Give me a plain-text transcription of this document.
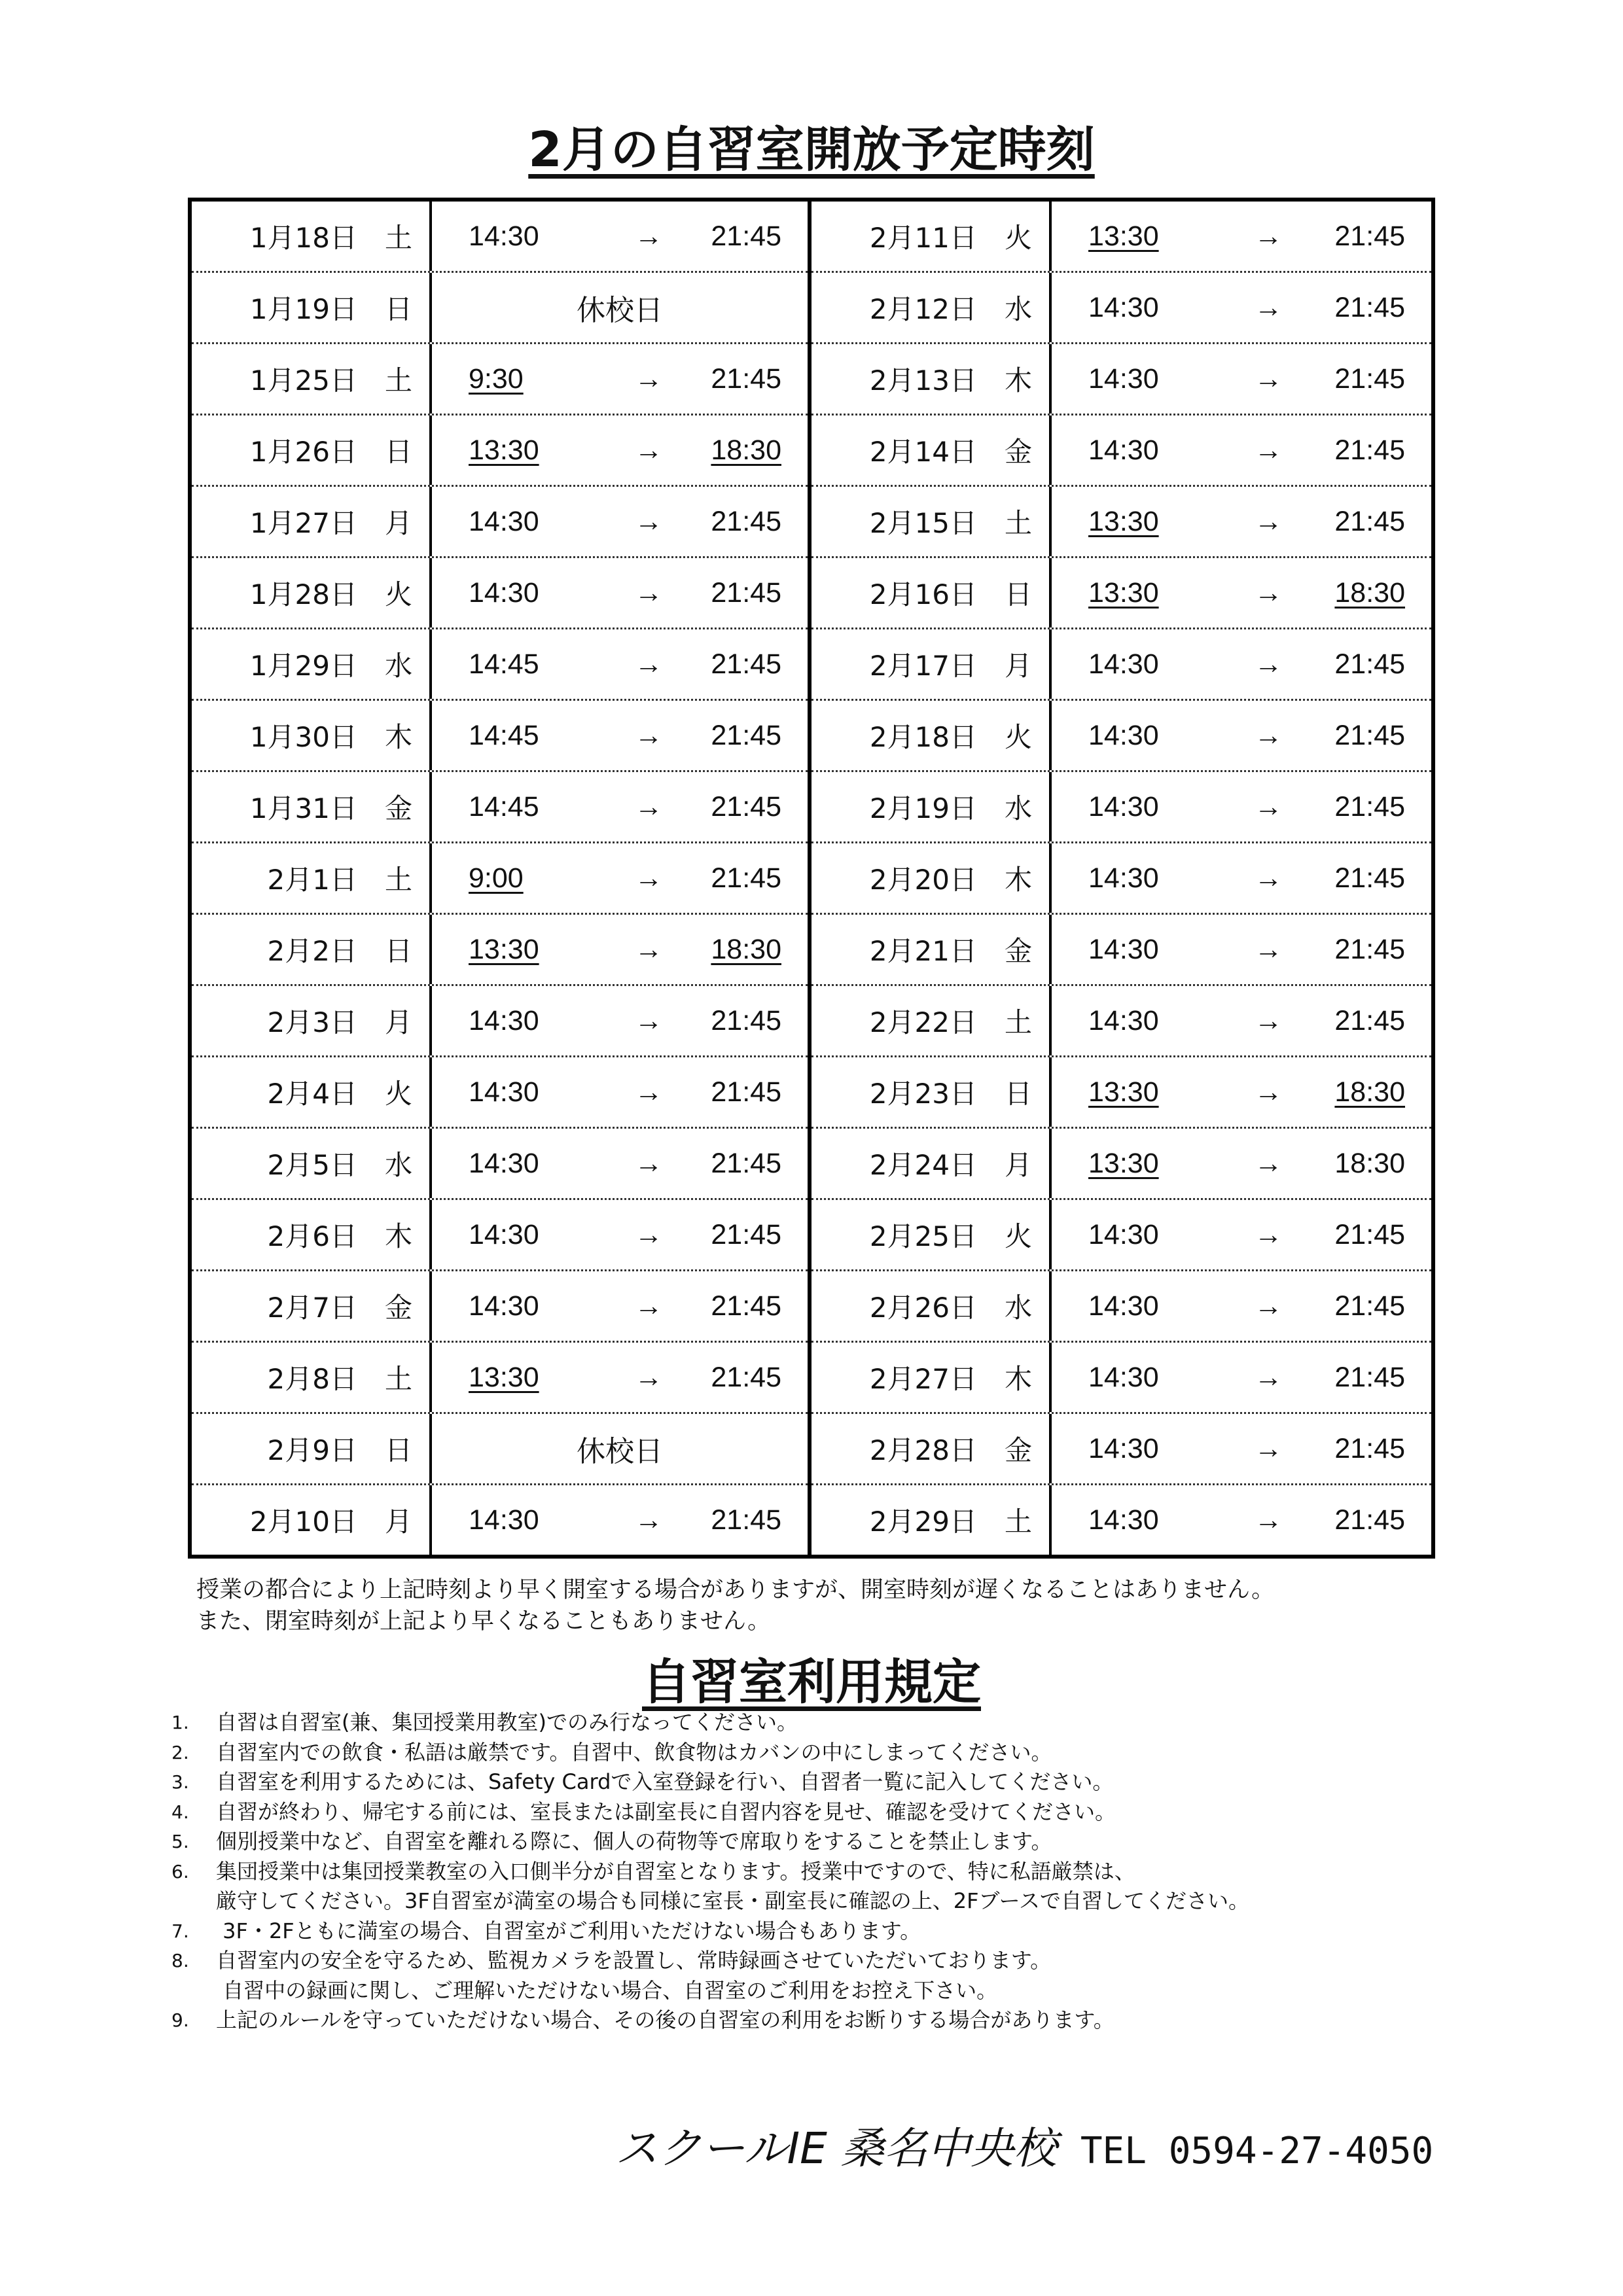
2月の自習室開放予定時刻
1月18日 土 14:30	→	21:45
1月19日 日	休校日
1月25日 土 9:30	→	21:45
1月26日 日 13:30	→	18:30
1月27日 月 14:30	→	21:45
1月28日 火 14:30	→	21:45
1月29日 水 14:45	→	21:45
1月30日 木 14:45	→	21:45
1月31日 金 14:45	→	21:45
2月1日 土 9:00	→	21:45
2月2日 日 13:30	→	18:30
2月3日 月 14:30	→	21:45
2月4日 火 14:30	→	21:45
2月5日 水 14:30	→	21:45
2月6日 木 14:30	→	21:45
2月7日 金 14:30	→	21:45
2月8日 土 13:30	→	21:45
2月9日 日	休校日
2月10日 月 14:30	→	21:45
2月11日 火 13:30	→	21:45
2月12日 水 14:30	→	21:45
2月13日 木 14:30	→	21:45
2月14日 金 14:30	→	21:45
2月15日 土 13:30	→	21:45
2月16日 日 13:30	→	18:30
2月17日 月 14:30	→	21:45
2月18日 火 14:30	→	21:45
2月19日 水 14:30	→	21:45
2月20日 木 14:30	→	21:45
2月21日 金 14:30	→	21:45
2月22日 土 14:30	→	21:45
2月23日 日 13:30	→	18:30
2月24日 月 13:30	→	18:30
2月25日 火 14:30	→	21:45
2月26日 水 14:30	→	21:45
2月27日 木 14:30	→	21:45
2月28日 金 14:30	→	21:45
2月29日 土 14:30	→	21:45
授業の都合により上記時刻より早く開室する場合がありますが、開室時刻が遅くなることはありません。
また、閉室時刻が上記より早くなることもありません。
自習室利用規定
1.	自習は自習室(兼、集団授業用教室)でのみ行なってください。
2.	自習室内での飲食・私語は厳禁です。自習中、飲食物はカバンの中にしまってください。
3.	自習室を利用するためには、Safety Cardで入室登録を行い、自習者一覧に記入してください。
4.	自習が終わり、帰宅する前には、室長または副室長に自習内容を見せ、確認を受けてください。
5.	個別授業中など、自習室を離れる際に、個人の荷物等で席取りをすることを禁止します。
6.	集団授業中は集団授業教室の入口側半分が自習室となります。授業中ですので、特に私語厳禁は、
厳守してください。3F自習室が満室の場合も同様に室長・副室長に確認の上、2Fブースで自習してください。
7.	3F・2Fともに満室の場合、自習室がご利用いただけない場合もあります。
8.	自習室内の安全を守るため、監視カメラを設置し、常時録画させていただいております。
自習中の録画に関し、ご理解いただけない場合、自習室のご利用をお控え下さい。
9.	上記のルールを守っていただけない場合、その後の自習室の利用をお断りする場合があります。
スクールIE 桑名中央校 TEL 0594-27-4050
